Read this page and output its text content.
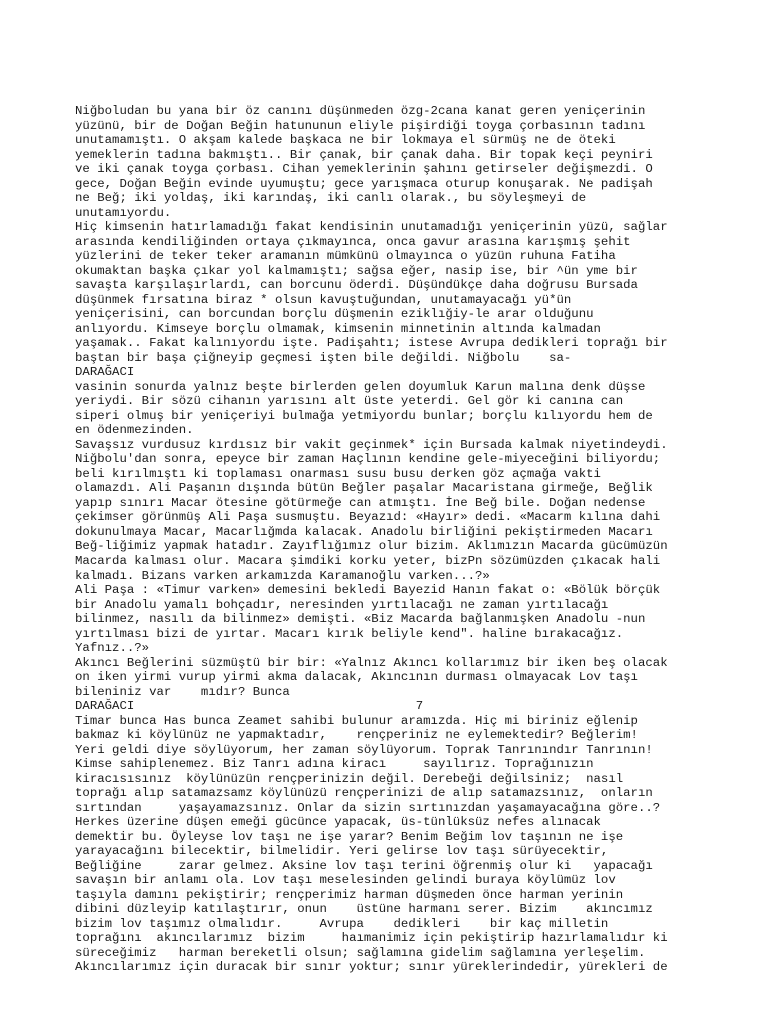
Niğboludan bu yana bir öz canını düşünmeden özg-2cana kanat geren yeniçerinin
yüzünü, bir de Doğan Beğin hatununun eliyle pişirdiği toyga çorbasının tadını
unutamamıştı. O akşam kalede başkaca ne bir lokmaya el sürmüş ne de öteki
yemeklerin tadına bakmıştı.. Bir çanak, bir çanak daha. Bir topak keçi peyniri
ve iki çanak toyga çorbası. Cihan yemeklerinin şahını getirseler değişmezdi. O
gece, Doğan Beğin evinde uyumuştu; gece yarışmaca oturup konuşarak. Ne padişah
ne Beğ; iki yoldaş, iki karındaş, iki canlı olarak., bu söyleşmeyi de
unutamıyordu.
Hiç kimsenin hatırlamadığı fakat kendisinin unutamadığı yeniçerinin yüzü, sağlar
arasında kendiliğinden ortaya çıkmayınca, onca gavur arasına karışmış şehit
yüzlerini de teker teker aramanın mümkünü olmayınca o yüzün ruhuna Fatiha
okumaktan başka çıkar yol kalmamıştı; sağsa eğer, nasip ise, bir ^ün yme bir
savaşta karşılaşırlardı, can borcunu öderdi. Düşündükçe daha doğrusu Bursada
düşünmek fırsatına biraz * olsun kavuştuğundan, unutamayacağı yü*ün
yeniçerisini, can borcundan borçlu düşmenin eziklığiy-le arar olduğunu
anlıyordu. Kimseye borçlu olmamak, kimsenin minnetinin altında kalmadan
yaşamak.. Fakat kalınıyordu işte. Padişahtı; istese Avrupa dedikleri toprağı bir
baştan bir başa çiğneyip geçmesi işten bile değildi. Niğbolu    sa-
DARAĞACI
vasinin sonurda yalnız beşte birlerden gelen doyumluk Karun malına denk düşse
yeriydi. Bir sözü cihanın yarısını alt üste yeterdi. Gel gör ki canına can
siperi olmuş bir yeniçeriyi bulmağa yetmiyordu bunlar; borçlu kılıyordu hem de
en ödenmezinden.
Savaşsız vurdusuz kırdısız bir vakit geçinmek* için Bursada kalmak niyetindeydi.
Niğbolu'dan sonra, epeyce bir zaman Haçlının kendine gele-miyeceğini biliyordu;
beli kırılmıştı ki toplaması onarması susu busu derken göz açmağa vakti
olamazdı. Ali Paşanın dışında bütün Beğler paşalar Macaristana girmeğe, Beğlik
yapıp sınırı Macar ötesine götürmeğe can atmıştı. İne Beğ bile. Doğan nedense
çekimser görünmüş Ali Paşa susmuştu. Beyazıd: «Hayır» dedi. «Macarm kılına dahi
dokunulmaya Macar, Macarlığmda kalacak. Anadolu birliğini pekiştirmeden Macarı
Beğ-liğimiz yapmak hatadır. Zayıflığımız olur bizim. Aklımızın Macarda gücümüzün
Macarda kalması olur. Macara şimdiki korku yeter, bizPn sözümüzden çıkacak hali
kalmadı. Bizans varken arkamızda Karamanoğlu varken...?»
Ali Paşa : «Timur varken» demesini bekledi Bayezid Hanın fakat o: «Bölük börçük
bir Anadolu yamalı bohçadır, neresinden yırtılacağı ne zaman yırtılacağı
bilinmez, nasılı da bilinmez» demişti. «Biz Macarda bağlanmışken Anadolu -nun
yırtılması bizi de yırtar. Macarı kırık beliyle kend". haline bırakacağız.
Yafnız..?»
Akıncı Beğlerini süzmüştü bir bir: «Yalnız Akıncı kollarımız bir iken beş olacak
on iken yirmi vurup yirmi akma dalacak, Akıncının durması olmayacak Lov taşı
bileniniz var    mıdır? Bunca
DARAĞACI                                      7
Timar bunca Has bunca Zeamet sahibi bulunur aramızda. Hiç mi biriniz eğlenip
bakmaz ki köylünüz ne yapmaktadır,    rençperiniz ne eylemektedir? Beğlerim!
Yeri geldi diye söylüyorum, her zaman söylüyorum. Toprak Tanrınındır Tanrının!
Kimse sahiplenemez. Biz Tanrı adına kiracı     sayılırız. Toprağınızın
kiracısısınız  köylünüzün rençperinizin değil. Derebeği değilsiniz;  nasıl
toprağı alıp satamazsamz köylünüzü rençperinizi de alıp satamazsınız,  onların
sırtından     yaşayamazsınız. Onlar da sizin sırtınızdan yaşamayacağına göre..?
Herkes üzerine düşen emeği gücünce yapacak, üs-tünlüksüz nefes alınacak
demektir bu. Öyleyse lov taşı ne işe yarar? Benim Beğim lov taşının ne işe
yarayacağını bilecektir, bilmelidir. Yeri gelirse lov taşı sürüyecektir,
Beğliğine     zarar gelmez. Aksine lov taşı terini öğrenmiş olur ki   yapacağı
savaşın bir anlamı ola. Lov taşı meselesinden gelindi buraya köylümüz lov
taşıyla damını pekiştirir; rençperimiz harman düşmeden önce harman yerinin
dibini düzleyip katılaştırır, onun    üstüne harmanı serer. Bizim    akıncımız
bizim lov taşımız olmalıdır.     Avrupa    dedikleri    bir kaç milletin
toprağını  akıncılarımız  bizim     haımanimiz için pekiştirip hazırlamalıdır ki
süreceğimiz   harman bereketli olsun; sağlamına gidelim sağlamına yerleşelim.
Akıncılarımız için duracak bir sınır yoktur; sınır yüreklerindedir, yürekleri de
